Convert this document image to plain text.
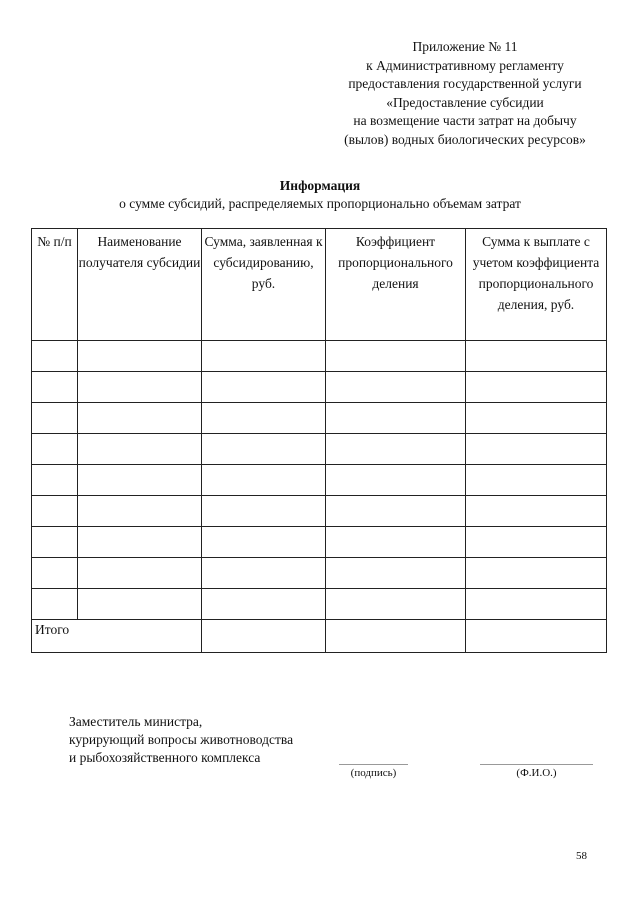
Приложение № 11
к Административному регламенту
предоставления государственной услуги
«Предоставление субсидии
на возмещение части затрат на добычу
(вылов) водных биологических ресурсов»
Информация
о сумме субсидий, распределяемых пропорционально объемам затрат
№ п/п	Наименование получателя субсидии	Сумма, заявленная к субсидированию, руб.	Коэффициент пропорционального деления	Сумма к выплате с учетом коэффициента пропорционального деления, руб.

Итого				
Заместитель министра,
курирующий вопросы животноводства
и рыбохозяйственного комплекса
(подпись)	(Ф.И.О.)
58
